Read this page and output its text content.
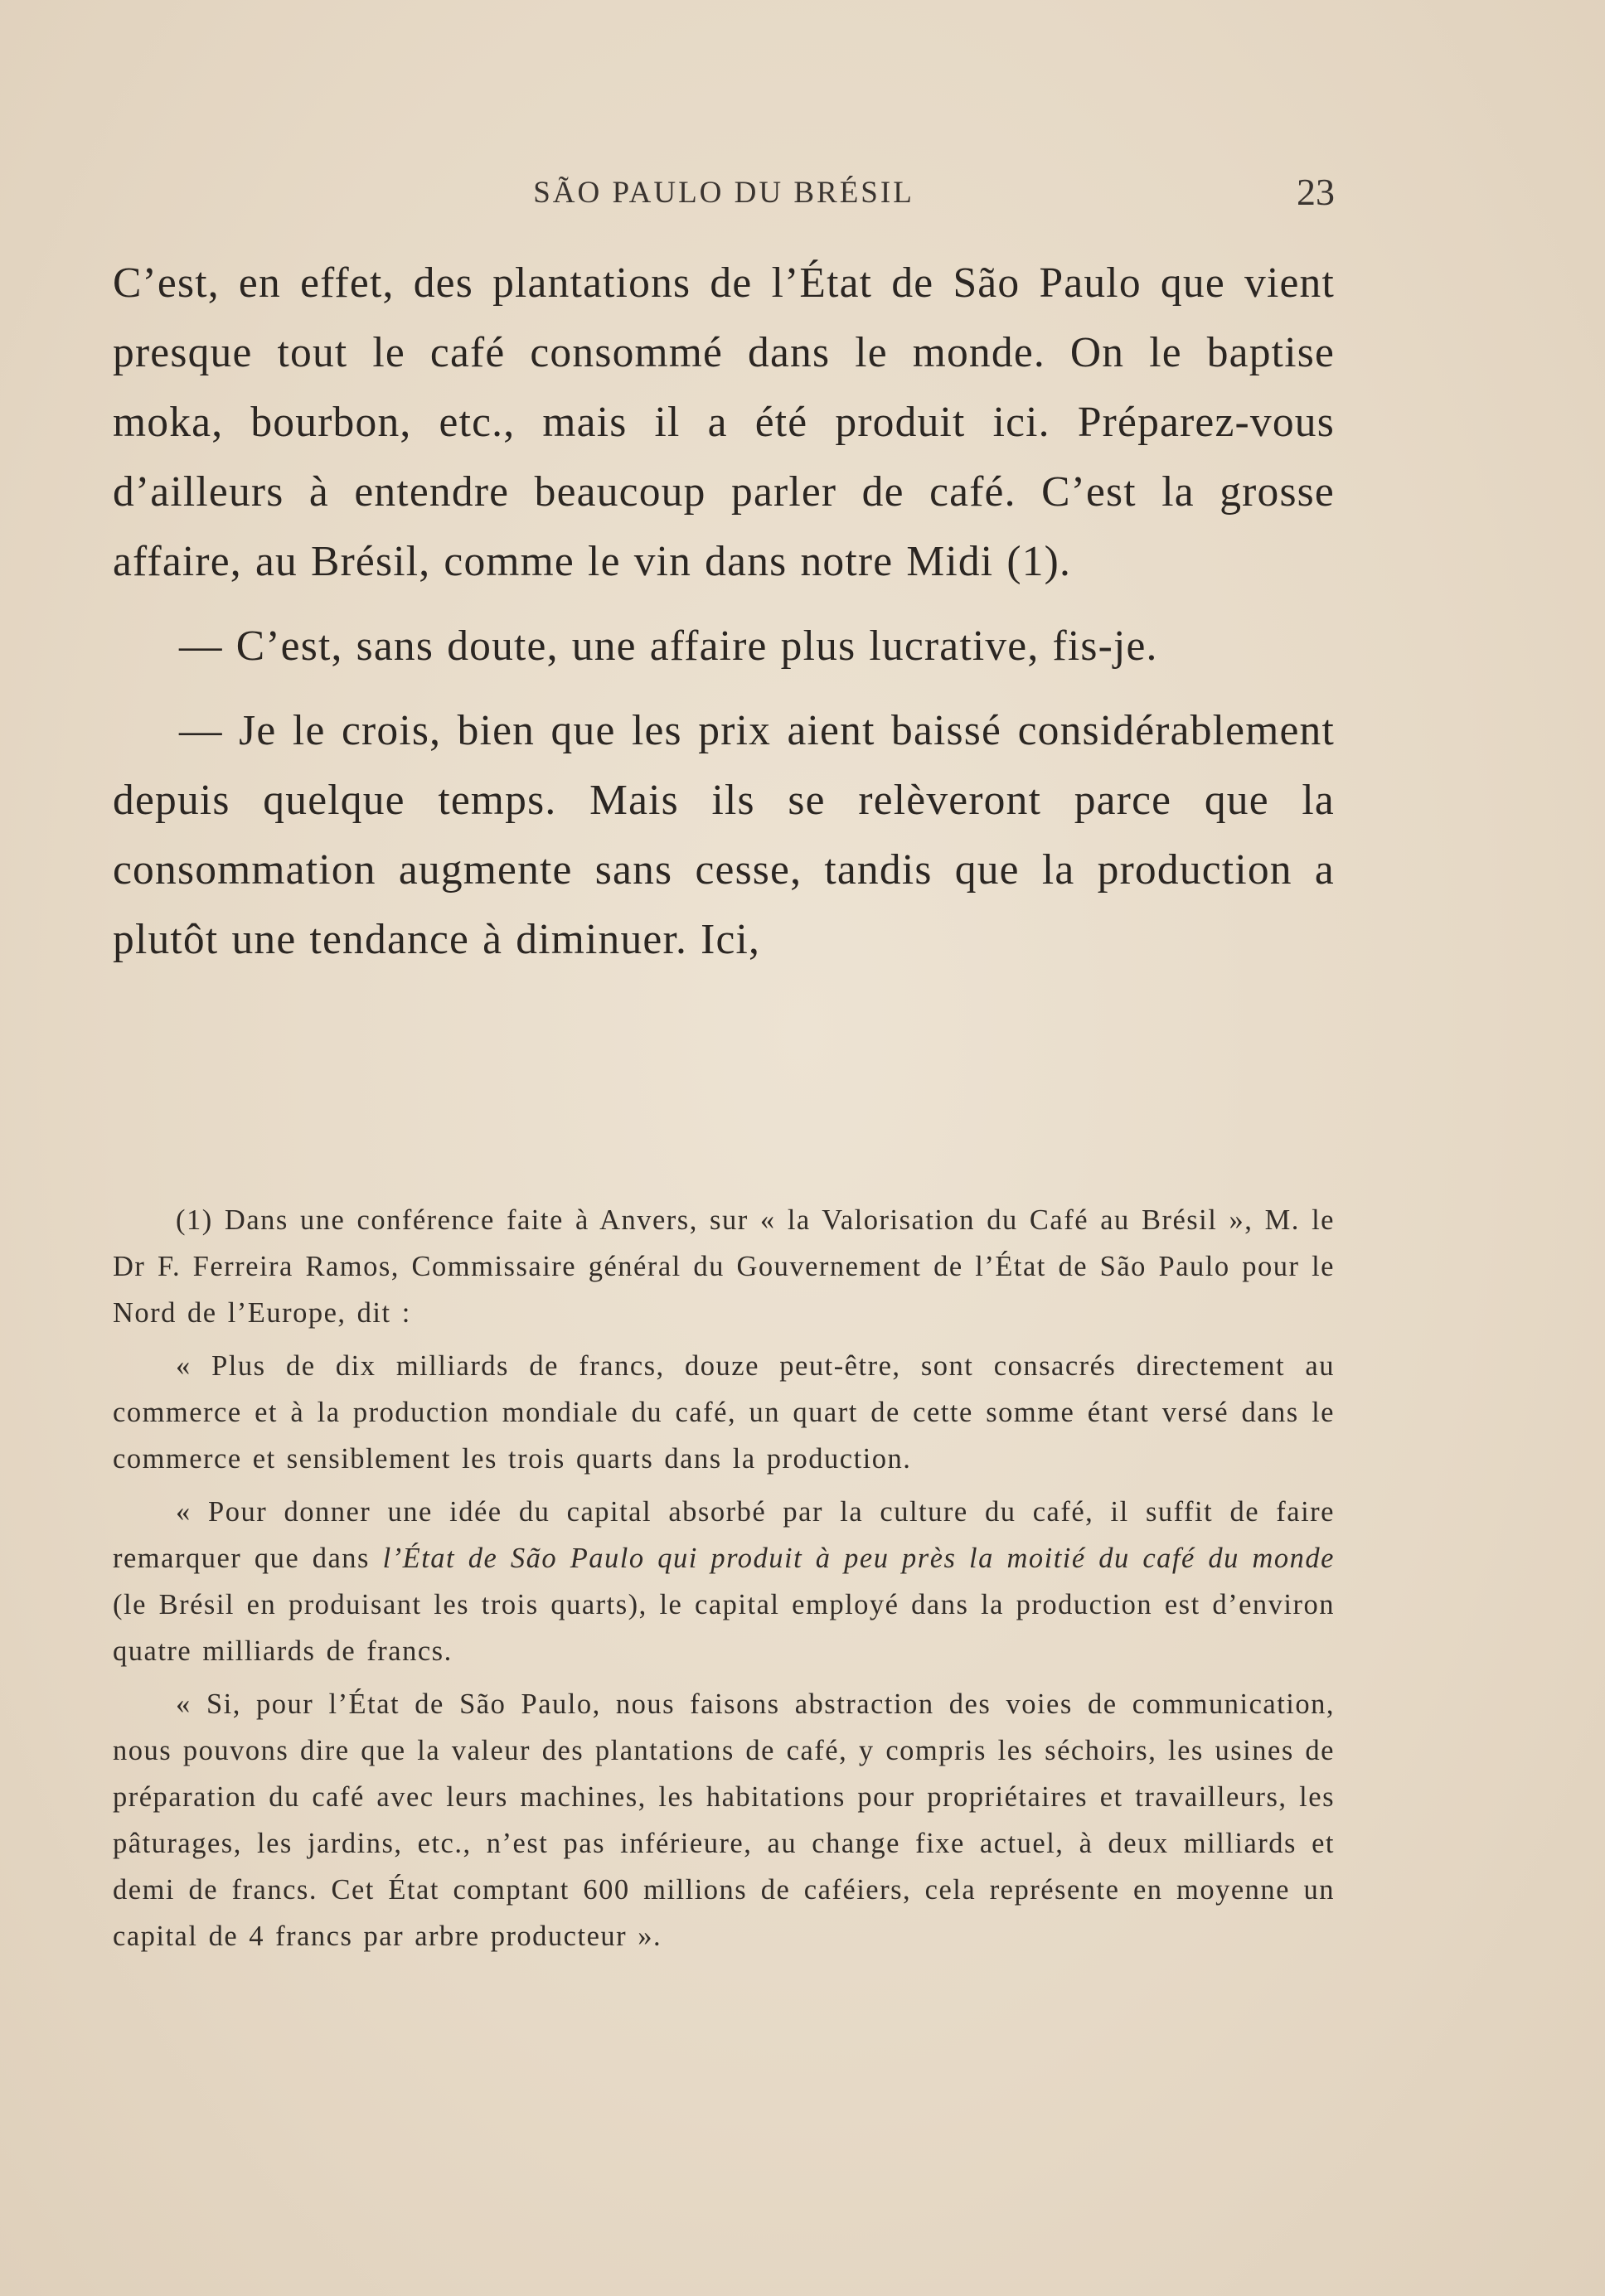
SÃO PAULO DU BRÉSIL	23

C’est, en effet, des plantations de l’État de São Paulo que vient presque tout le café consommé dans le monde. On le baptise moka, bourbon, etc., mais il a été produit ici. Préparez-vous d’ailleurs à entendre beaucoup parler de café. C’est la grosse affaire, au Brésil, comme le vin dans notre Midi (1).

— C’est, sans doute, une affaire plus lucrative, fis-je.

— Je le crois, bien que les prix aient baissé considérablement depuis quelque temps. Mais ils se relèveront parce que la consommation augmente sans cesse, tandis que la production a plutôt une tendance à diminuer. Ici,

(1) Dans une conférence faite à Anvers, sur « la Valorisation du Café au Brésil », M. le Dr F. Ferreira Ramos, Commissaire général du Gouvernement de l’État de São Paulo pour le Nord de l’Europe, dit :

« Plus de dix milliards de francs, douze peut-être, sont consacrés directement au commerce et à la production mondiale du café, un quart de cette somme étant versé dans le commerce et sensiblement les trois quarts dans la production.

« Pour donner une idée du capital absorbé par la culture du café, il suffit de faire remarquer que dans l’État de São Paulo qui produit à peu près la moitié du café du monde (le Brésil en produisant les trois quarts), le capital employé dans la production est d’environ quatre milliards de francs.

« Si, pour l’État de São Paulo, nous faisons abstraction des voies de communication, nous pouvons dire que la valeur des plantations de café, y compris les séchoirs, les usines de préparation du café avec leurs machines, les habitations pour propriétaires et travailleurs, les pâturages, les jardins, etc., n’est pas inférieure, au change fixe actuel, à deux milliards et demi de francs. Cet État comptant 600 millions de caféiers, cela représente en moyenne un capital de 4 francs par arbre producteur ».
